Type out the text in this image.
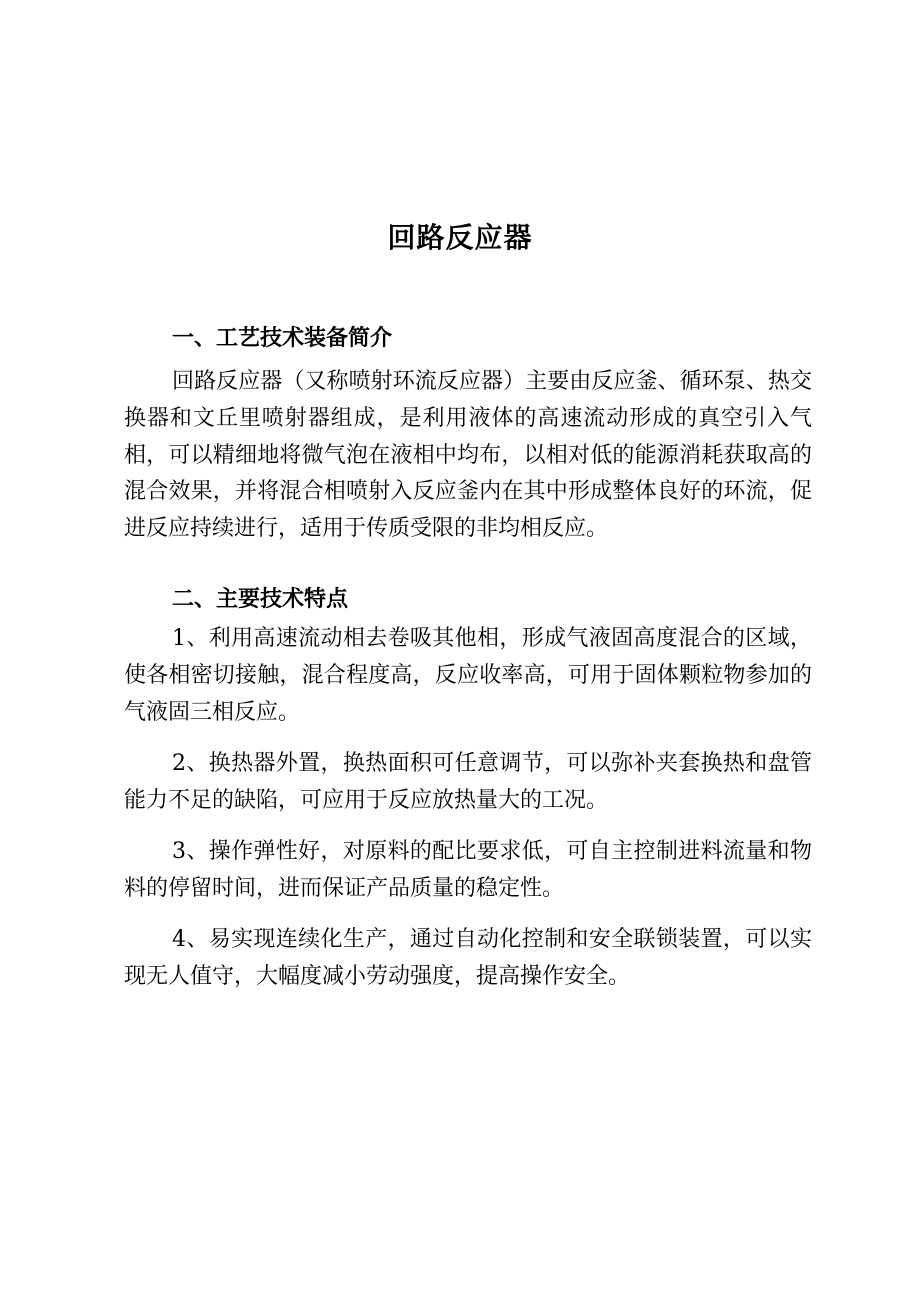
回路反应器
一、工艺技术装备简介

回路反应器（又称喷射环流反应器）主要由反应釜、循环泵、热交换器和文丘里喷射器组成，是利用液体的高速流动形成的真空引入气相，可以精细地将微气泡在液相中均布，以相对低的能源消耗获取高的混合效果，并将混合相喷射入反应釜内在其中形成整体良好的环流，促进反应持续进行，适用于传质受限的非均相反应。

二、主要技术特点

1、利用高速流动相去卷吸其他相，形成气液固高度混合的区域，使各相密切接触，混合程度高，反应收率高，可用于固体颗粒物参加的气液固三相反应。

2、换热器外置，换热面积可任意调节，可以弥补夹套换热和盘管能力不足的缺陷，可应用于反应放热量大的工况。

3、操作弹性好，对原料的配比要求低，可自主控制进料流量和物料的停留时间，进而保证产品质量的稳定性。

4、易实现连续化生产，通过自动化控制和安全联锁装置，可以实现无人值守，大幅度减小劳动强度，提高操作安全。
